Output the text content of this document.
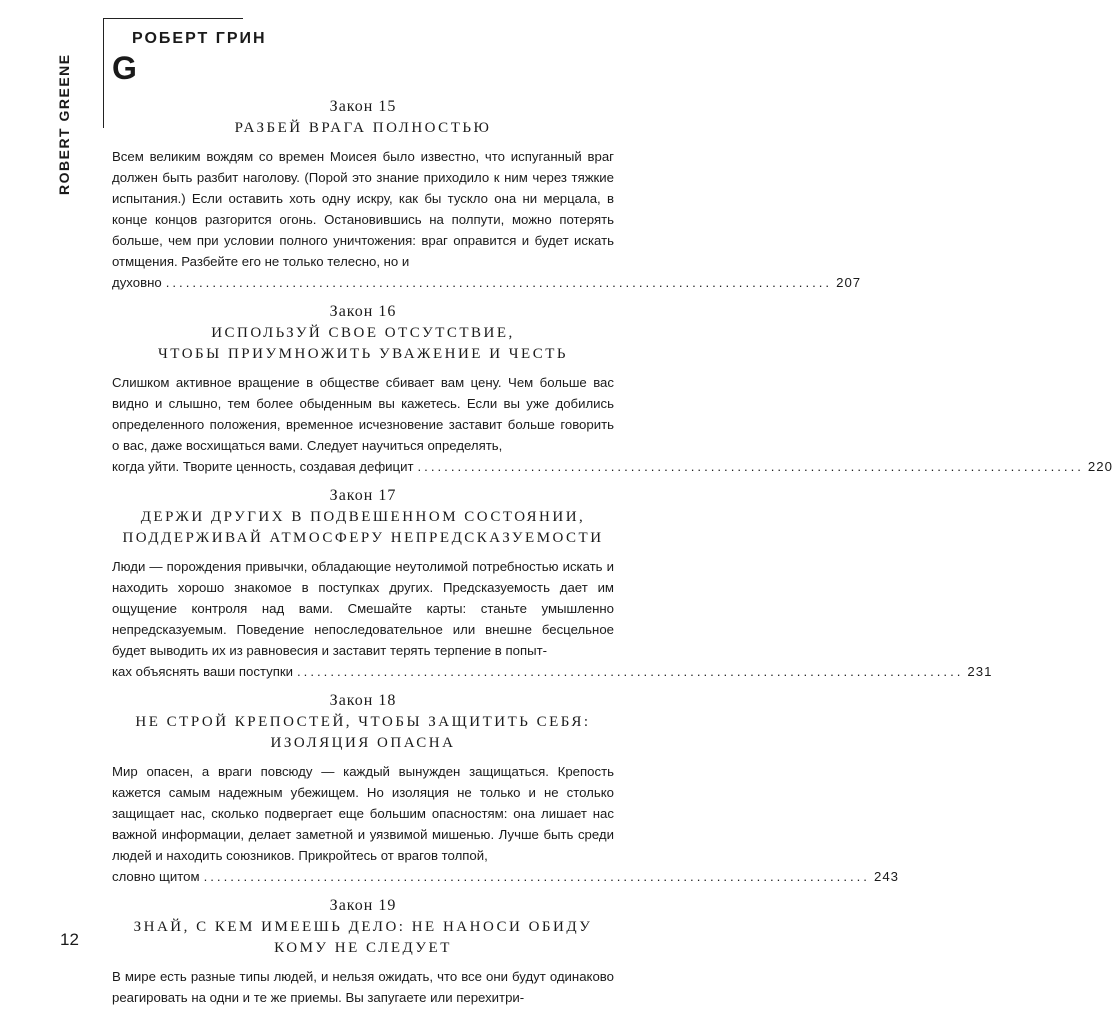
РОБЕРТ ГРИН
G
ROBERT GREENE	Закон 15

РАЗБЕЙ ВРАГА ПОЛНОСТЬЮ

Всем великим вождям со времен Моисея было известно, что испуганный враг должен быть разбит наголову. (Порой это знание приходило к ним через тяжкие испытания.) Если оставить хоть одну искру, как бы тускло она ни мерцала, в конце концов разгорится огонь. Остановившись на полпути, можно потерять больше, чем при условии полного уничтожения: враг оправится и будет искать отмщения. Разбейте его не только телесно, но и
духовно .................................................................................................... 207

Закон 16

ИСПОЛЬЗУЙ СВОЕ ОТСУТСТВИЕ,
ЧТОБЫ ПРИУМНОЖИТЬ УВАЖЕНИЕ И ЧЕСТЬ

Слишком активное вращение в обществе сбивает вам цену. Чем больше вас видно и слышно, тем более обыденным вы кажетесь. Если вы уже добились определенного положения, временное исчезновение заставит больше говорить о вас, даже восхищаться вами. Следует научиться определять,
когда уйти. Творите ценность, создавая дефицит .................................................................................................... 220

Закон 17

ДЕРЖИ ДРУГИХ В ПОДВЕШЕННОМ СОСТОЯНИИ,
ПОДДЕРЖИВАЙ АТМОСФЕРУ НЕПРЕДСКАЗУЕМОСТИ

Люди — порождения привычки, обладающие неутолимой потребностью искать и находить хорошо знакомое в поступках других. Предсказуемость дает им ощущение контроля над вами. Смешайте карты: станьте умышленно непредсказуемым. Поведение непоследовательное или внешне бесцельное будет выводить их из равновесия и заставит терять терпение в попыт-
ках объяснять ваши поступки .................................................................................................... 231

Закон 18

НЕ СТРОЙ КРЕПОСТЕЙ, ЧТОБЫ ЗАЩИТИТЬ СЕБЯ:
ИЗОЛЯЦИЯ ОПАСНА

Мир опасен, а враги повсюду — каждый вынужден защищаться. Крепость кажется самым надежным убежищем. Но изоляция не только и не столько защищает нас, сколько подвергает еще большим опасностям: она лишает нас важной информации, делает заметной и уязвимой мишенью. Лучше быть среди людей и находить союзников. Прикройтесь от врагов толпой,
словно щитом .................................................................................................... 243

Закон 19

ЗНАЙ, С КЕМ ИМЕЕШЬ ДЕЛО: НЕ НАНОСИ ОБИДУ
КОМУ НЕ СЛЕДУЕТ

В мире есть разные типы людей, и нельзя ожидать, что все они будут одинаково реагировать на одни и те же приемы. Вы запугаете или перехитри-
12
